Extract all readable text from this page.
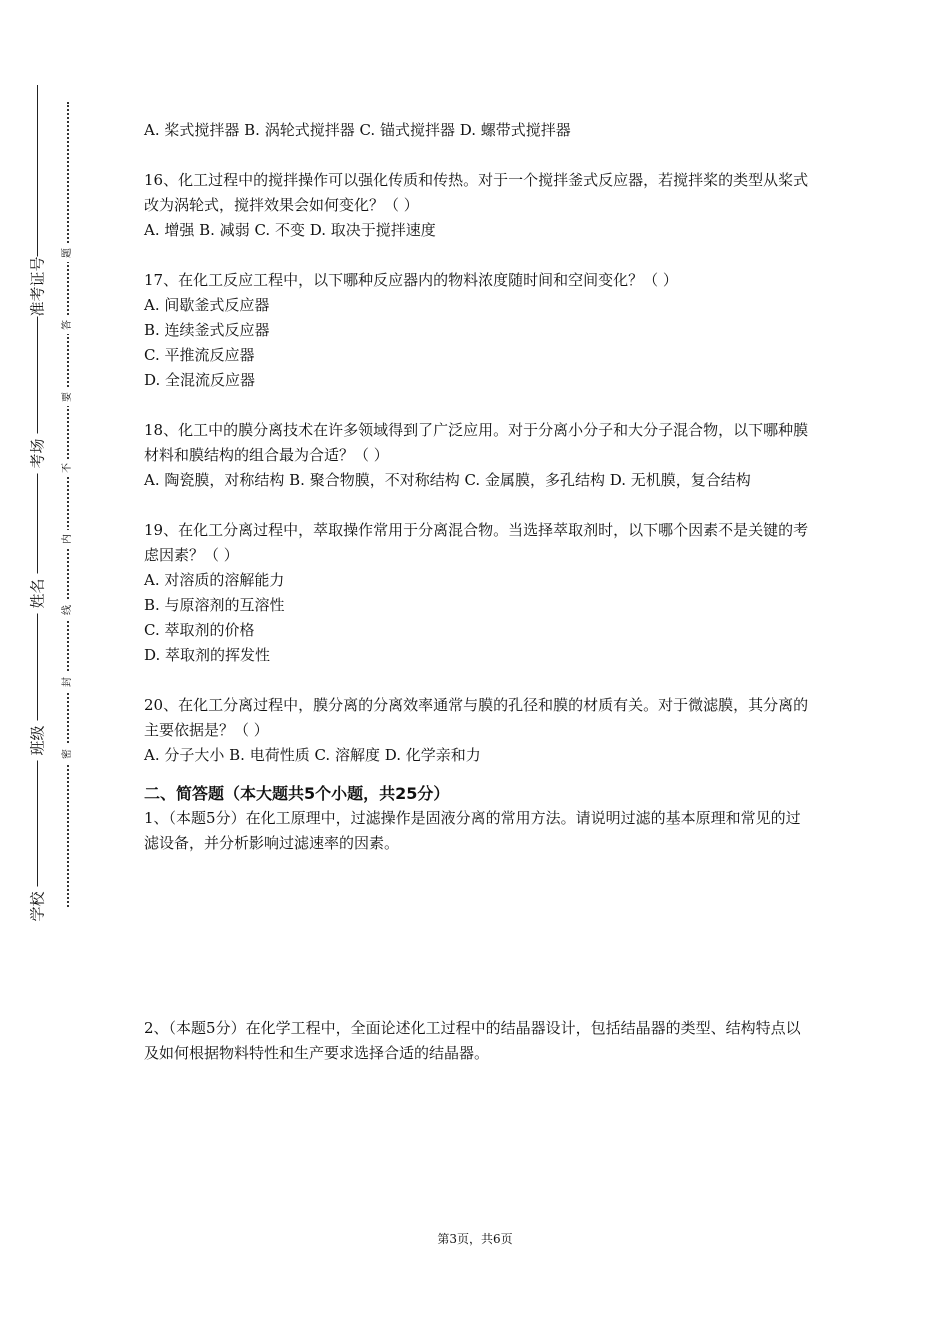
学校
班级
姓名
考场
准考证号
密
封
线
内
不
要
答
题

A. 桨式搅拌器 B. 涡轮式搅拌器 C. 锚式搅拌器 D. 螺带式搅拌器

16、化工过程中的搅拌操作可以强化传质和传热。对于一个搅拌釜式反应器，若搅拌桨的类型从桨式改为涡轮式，搅拌效果会如何变化？（ ）

A. 增强 B. 减弱 C. 不变 D. 取决于搅拌速度

17、在化工反应工程中，以下哪种反应器内的物料浓度随时间和空间变化？（ ）

A. 间歇釜式反应器

B. 连续釜式反应器

C. 平推流反应器

D. 全混流反应器

18、化工中的膜分离技术在许多领域得到了广泛应用。对于分离小分子和大分子混合物，以下哪种膜材料和膜结构的组合最为合适？（ ）

A. 陶瓷膜，对称结构 B. 聚合物膜，不对称结构 C. 金属膜，多孔结构 D. 无机膜，复合结构

19、在化工分离过程中，萃取操作常用于分离混合物。当选择萃取剂时，以下哪个因素不是关键的考虑因素？（ ）

A. 对溶质的溶解能力

B. 与原溶剂的互溶性

C. 萃取剂的价格

D. 萃取剂的挥发性

20、在化工分离过程中，膜分离的分离效率通常与膜的孔径和膜的材质有关。对于微滤膜，其分离的主要依据是？（ ）

A. 分子大小 B. 电荷性质 C. 溶解度 D. 化学亲和力

二、简答题（本大题共5个小题，共25分）

1、（本题5分）在化工原理中，过滤操作是固液分离的常用方法。请说明过滤的基本原理和常见的过滤设备，并分析影响过滤速率的因素。

2、（本题5分）在化学工程中，全面论述化工过程中的结晶器设计，包括结晶器的类型、结构特点以及如何根据物料特性和生产要求选择合适的结晶器。

第3页，共6页
